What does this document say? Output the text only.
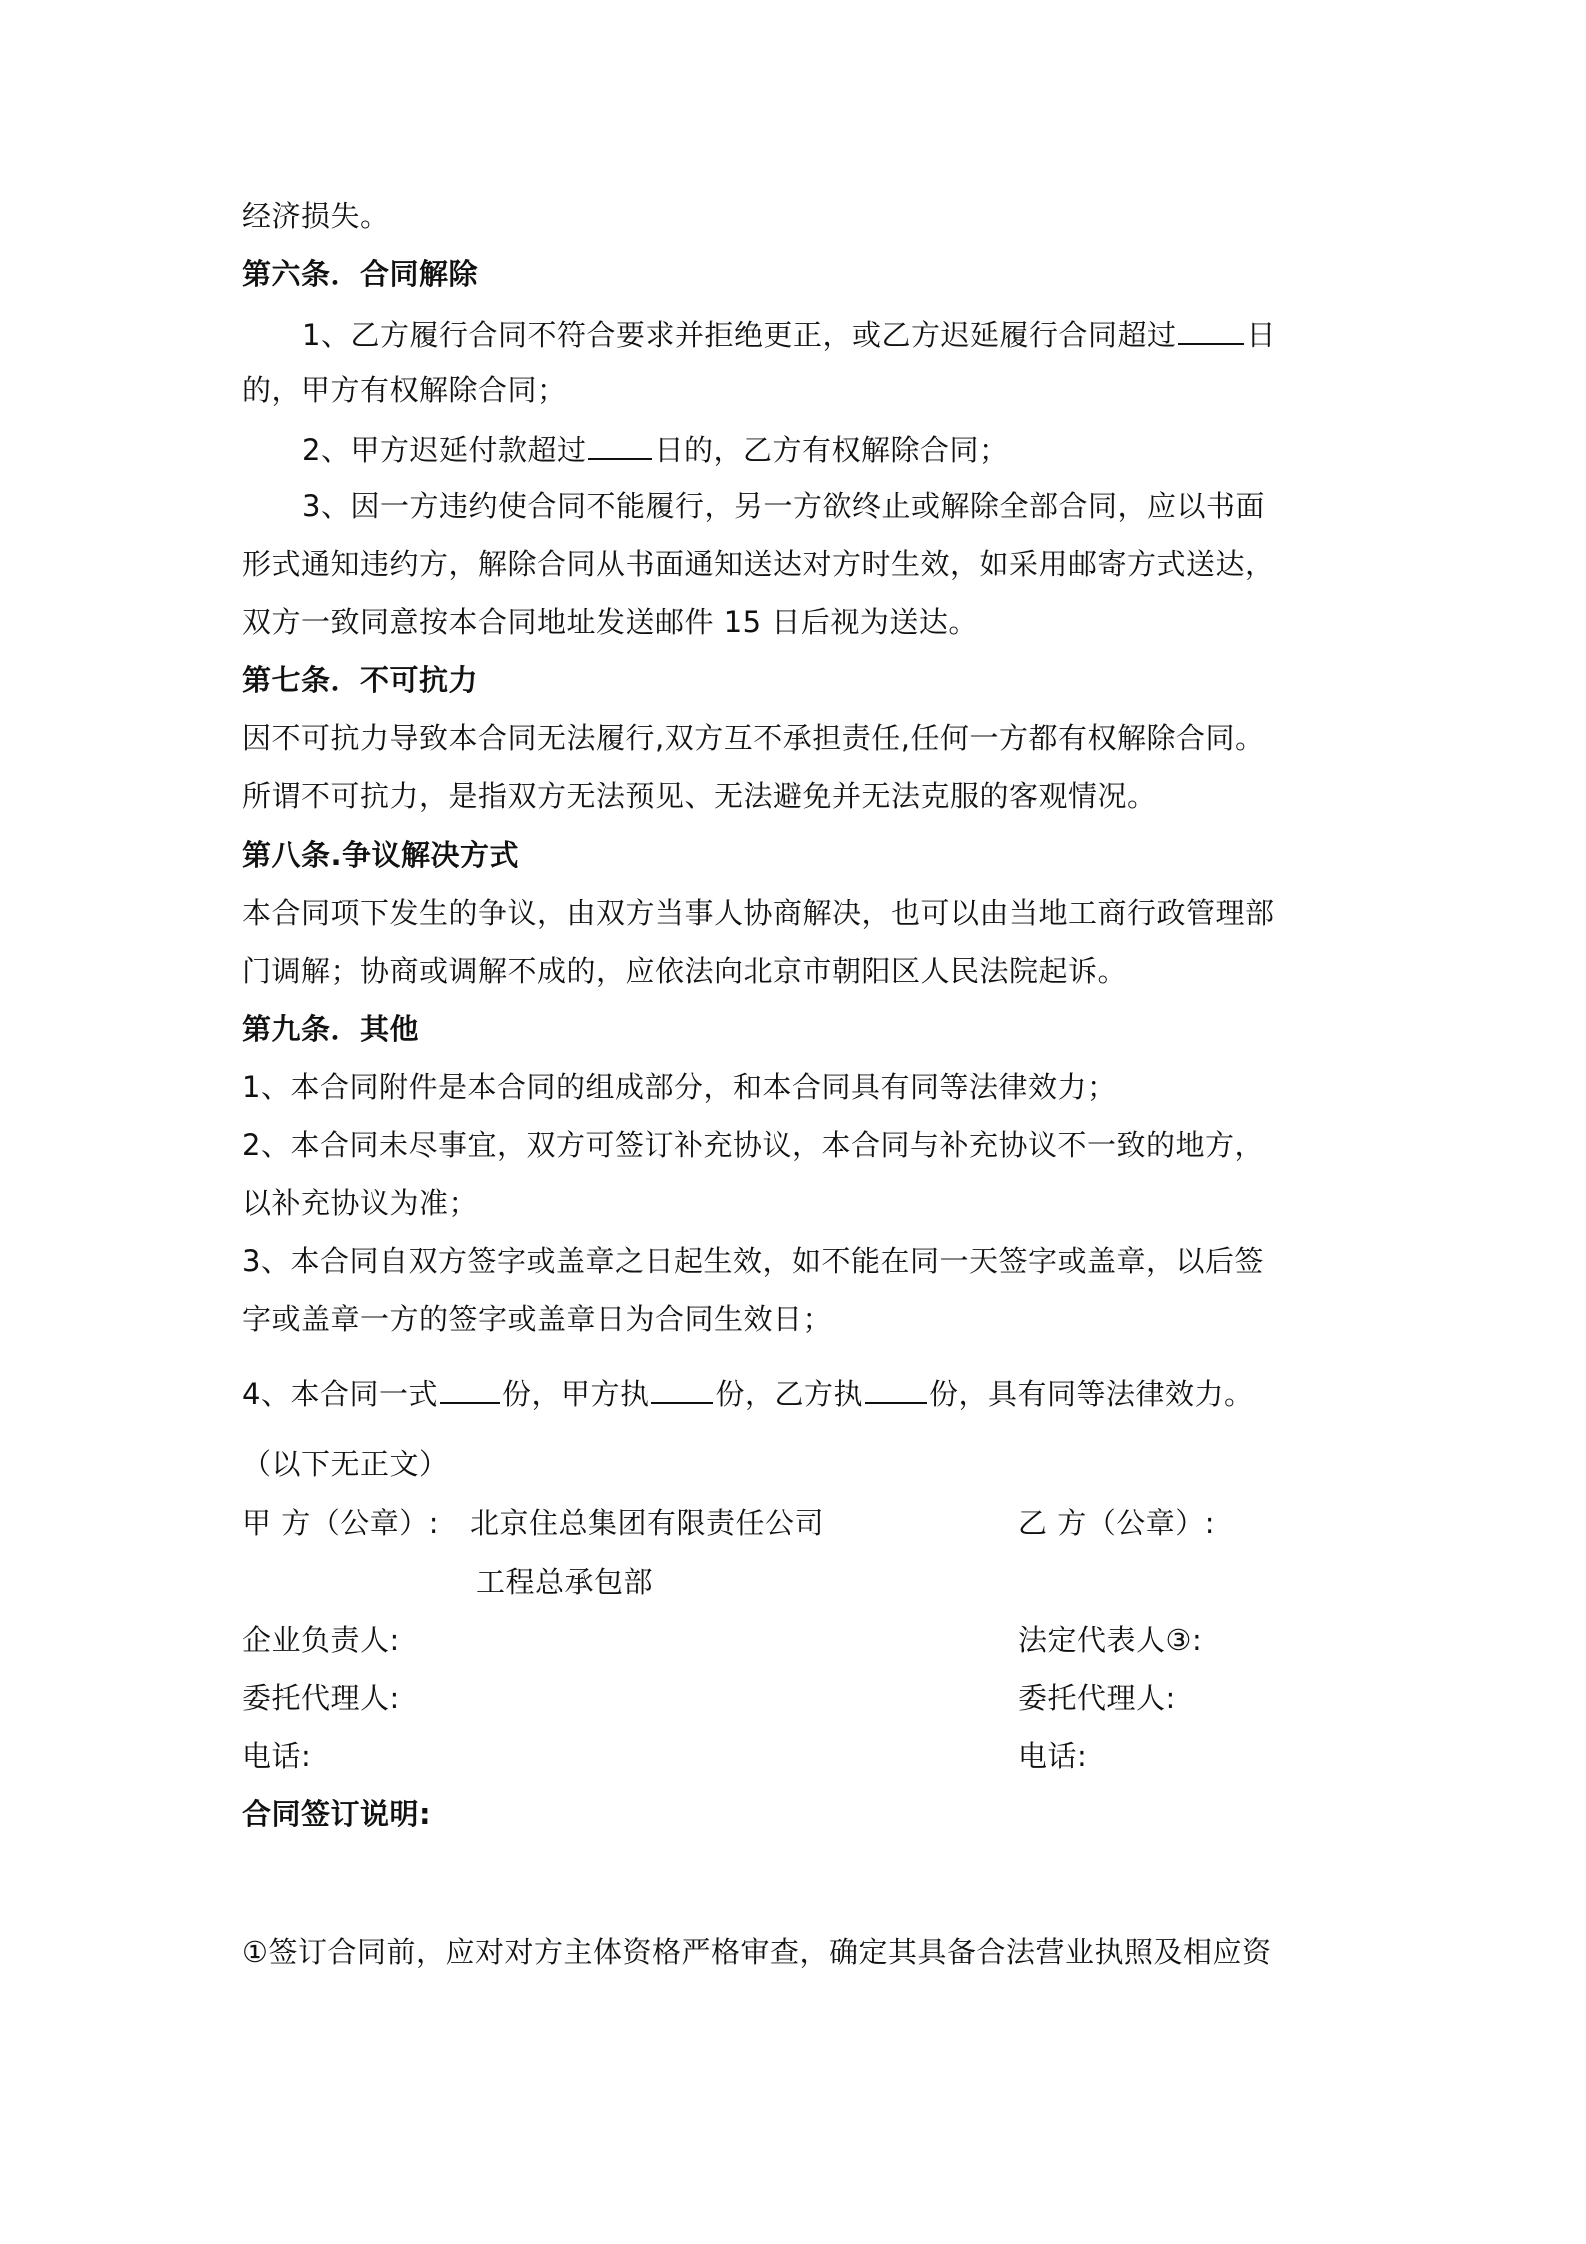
经济损失。
第六条．合同解除
1、乙方履行合同不符合要求并拒绝更正，或乙方迟延履行合同超过 日
的，甲方有权解除合同；
2、甲方迟延付款超过 日的，乙方有权解除合同；
3、因一方违约使合同不能履行，另一方欲终止或解除全部合同，应以书面
形式通知违约方，解除合同从书面通知送达对方时生效，如采用邮寄方式送达，
双方一致同意按本合同地址发送邮件 15 日后视为送达。
第七条．不可抗力
因不可抗力导致本合同无法履行,双方互不承担责任,任何一方都有权解除合同。
所谓不可抗力，是指双方无法预见、无法避免并无法克服的客观情况。
第八条.争议解决方式
本合同项下发生的争议，由双方当事人协商解决，也可以由当地工商行政管理部
门调解；协商或调解不成的，应依法向北京市朝阳区人民法院起诉。
第九条．其他
1、本合同附件是本合同的组成部分，和本合同具有同等法律效力；
2、本合同未尽事宜，双方可签订补充协议，本合同与补充协议不一致的地方，
以补充协议为准；
3、本合同自双方签字或盖章之日起生效，如不能在同一天签字或盖章，以后签
字或盖章一方的签字或盖章日为合同生效日；
4、本合同一式 份，甲方执 份，乙方执 份，具有同等法律效力。
（以下无正文）
甲 方（公章）: 北京住总集团有限责任公司	乙 方（公章）:
工程总承包部
企业负责人:	法定代表人③:
委托代理人:	委托代理人:
电话:	电话:
合同签订说明:
①签订合同前，应对对方主体资格严格审查，确定其具备合法营业执照及相应资
